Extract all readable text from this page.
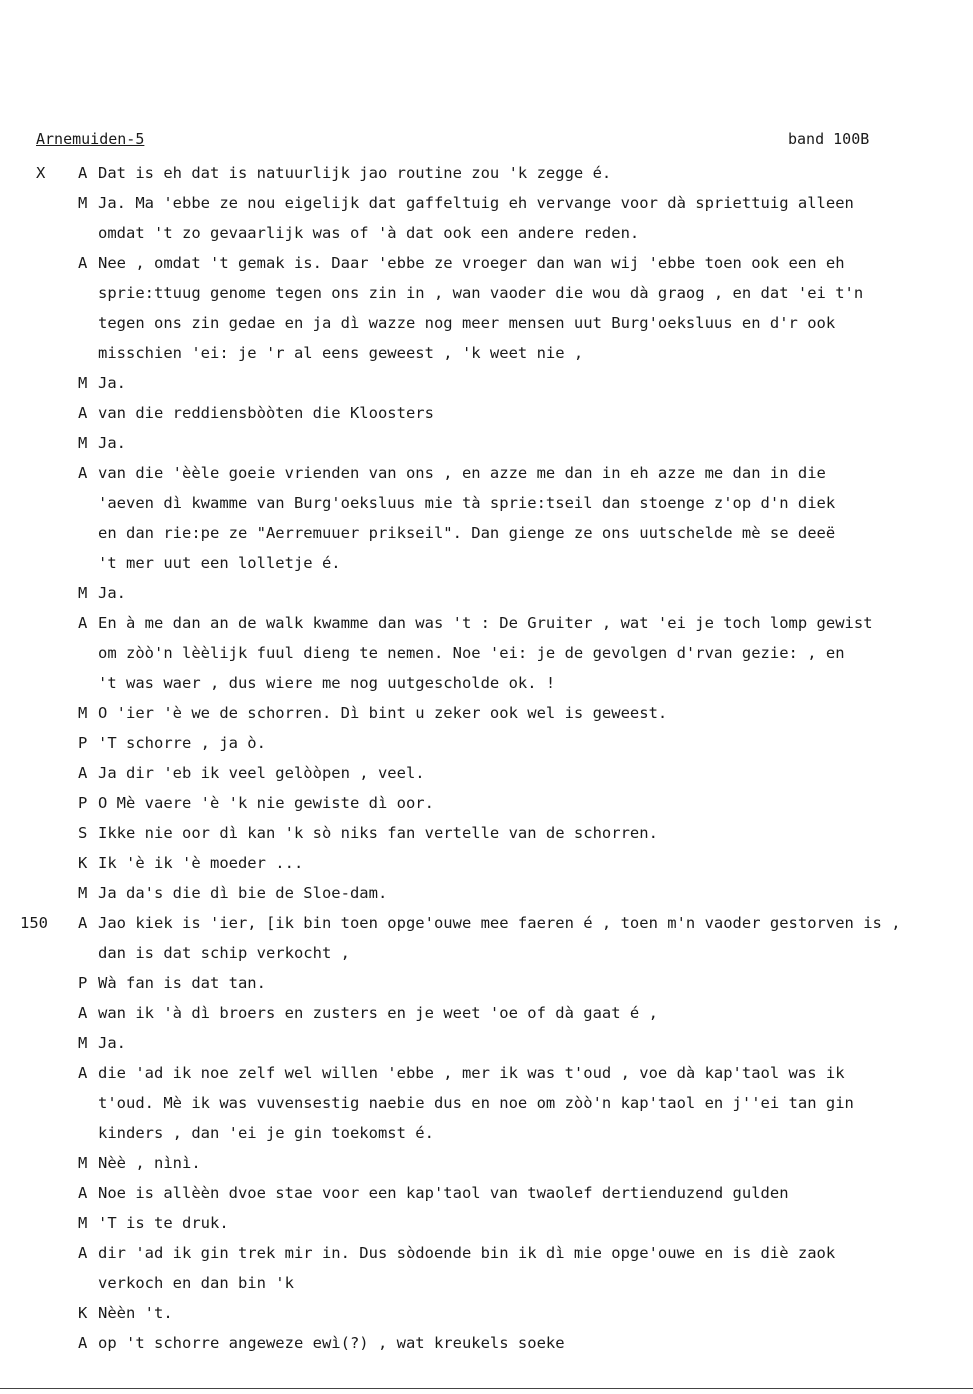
Arnemuiden-5	band 100B
X A Dat is eh dat is natuurlijk jao routine zou 'k zegge é.
M Ja. Ma 'ebbe ze nou eigelijk dat gaffeltuig eh vervange voor dà spriettuig alleen
omdat 't zo gevaarlijk was of 'à dat ook een andere reden.
A Nee , omdat 't gemak is. Daar 'ebbe ze vroeger dan wan wij 'ebbe toen ook een eh
sprie:ttuug genome tegen ons zin in , wan vaoder die wou dà graog , en dat 'ei t'n
tegen ons zin gedae en ja dì wazze nog meer mensen uut Burg'oeksluus en d'r ook
misschien 'ei: je 'r al eens geweest , 'k weet nie ,
M Ja.
A van die reddiensbòòten die Kloosters
M Ja.
A van die 'èèle goeie vrienden van ons , en azze me dan in eh azze me dan in die
'aeven dì kwamme van Burg'oeksluus mie tà sprie:tseil dan stoenge z'op d'n diek
en dan rie:pe ze "Aerremuuer prikseil". Dan gienge ze ons uutschelde mè se deeë
't mer uut een lolletje é.
M Ja.
A En à me dan an de walk kwamme dan was 't : De Gruiter , wat 'ei je toch lomp gewist
om zòò'n lèèlijk fuul dieng te nemen. Noe 'ei: je de gevolgen d'rvan gezie: , en
't was waer , dus wiere me nog uutgescholde ok. !
M O 'ier 'è we de schorren. Dì bint u zeker ook wel is geweest.
P 'T schorre , ja ò.
A Ja dir 'eb ik veel gelòòpen , veel.
P O Mè vaere 'è 'k nie gewiste dì oor.
S Ikke nie oor dì kan 'k sò niks fan vertelle van de schorren.
K Ik 'è ik 'è moeder ...
M Ja da's die dì bie de Sloe-dam.
150 A Jao kiek is 'ier, [ik bin toen opge'ouwe mee faeren é , toen m'n vaoder gestorven is ,
dan is dat schip verkocht ,
P Wà fan is dat tan.
A wan ik 'à dì broers en zusters en je weet 'oe of dà gaat é ,
M Ja.
A die 'ad ik noe zelf wel willen 'ebbe , mer ik was t'oud , voe dà kap'taol was ik
t'oud. Mè ik was vuvensestig naebie dus en noe om zòò'n kap'taol en j''ei tan gin
kinders , dan 'ei je gin toekomst é.
M Nèè , nìnì.
A Noe is allèèn dvoe stae voor een kap'taol van twaolef dertienduzend gulden
M 'T is te druk.
A dir 'ad ik gin trek mir in. Dus sòdoende bin ik dì mie opge'ouwe en is diè zaok
verkoch en dan bin 'k
K Nèèn 't.
A op 't schorre angeweze ewì(?) , wat kreukels soeke
